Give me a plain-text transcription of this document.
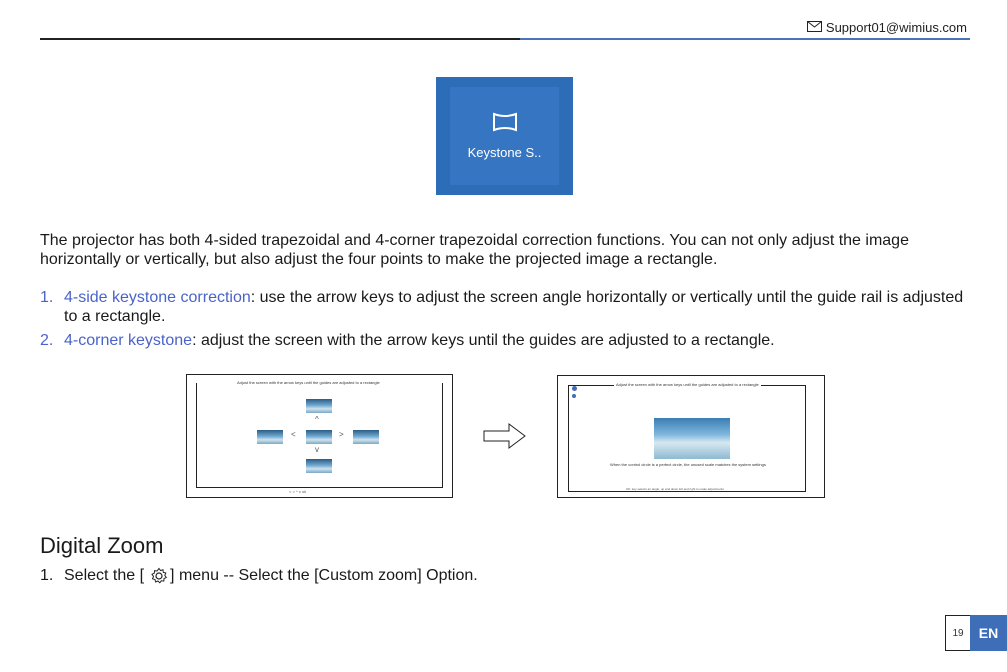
Support01@wimius.com
Keystone S..

The projector has both 4-sided trapezoidal and 4-corner trapezoidal correction functions. You can not only adjust the image horizontally or vertically, but also adjust the four points to make the projected image a rectangle.

1. 4-side keystone correction: use the arrow keys to adjust the screen angle horizontally or vertically until the guide rail is adjusted to a rectangle.
2. 4-corner keystone: adjust the screen with the arrow keys until the guides are adjusted to a rectangle.
Adjust the screen with the arrow keys until the guides are adjusted to a rectangle
^
<	>
v
< > ^ v ok
Adjust the screen with the arrow keys until the guides are adjusted to a rectangle
When the control circle is a perfect circle, the unused scale matches the system settings
OK: key selects an angle, up and down left and right to make adjustments
Digital Zoom
1. Select the [ ] menu -- Select the [Custom zoom] Option.
19	EN
